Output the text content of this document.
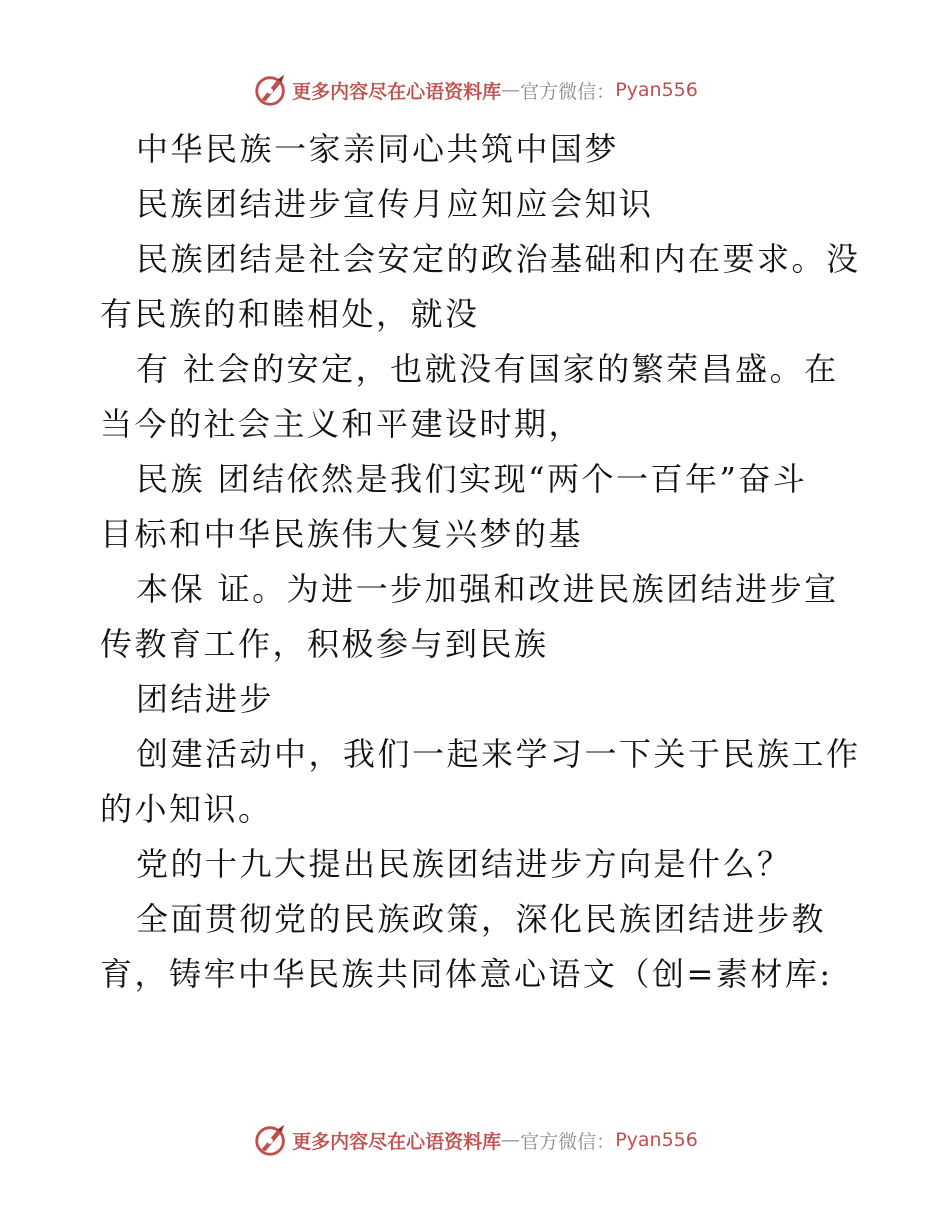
更多内容尽在心语资料库 — 官方微信： Pyan556

中华民族一家亲同心共筑中国梦

民族团结进步宣传月应知应会知识

民族团结是社会安定的政治基础和内在要求。没
有民族的和睦相处，就没

有 社会的安定，也就没有国家的繁荣昌盛。在
当今的社会主义和平建设时期，

民族 团结依然是我们实现“两个一百年”奋斗
目标和中华民族伟大复兴梦的基

本保 证。为进一步加强和改进民族团结进步宣
传教育工作，积极参与到民族

团结进步

创建活动中，我们一起来学习一下关于民族工作
的小知识。

党的十九大提出民族团结进步方向是什么？

全面贯彻党的民族政策，深化民族团结进步教
育，铸牢中华民族共同体意心语文（创=素材库:

更多内容尽在心语资料库 — 官方微信： Pyan556
